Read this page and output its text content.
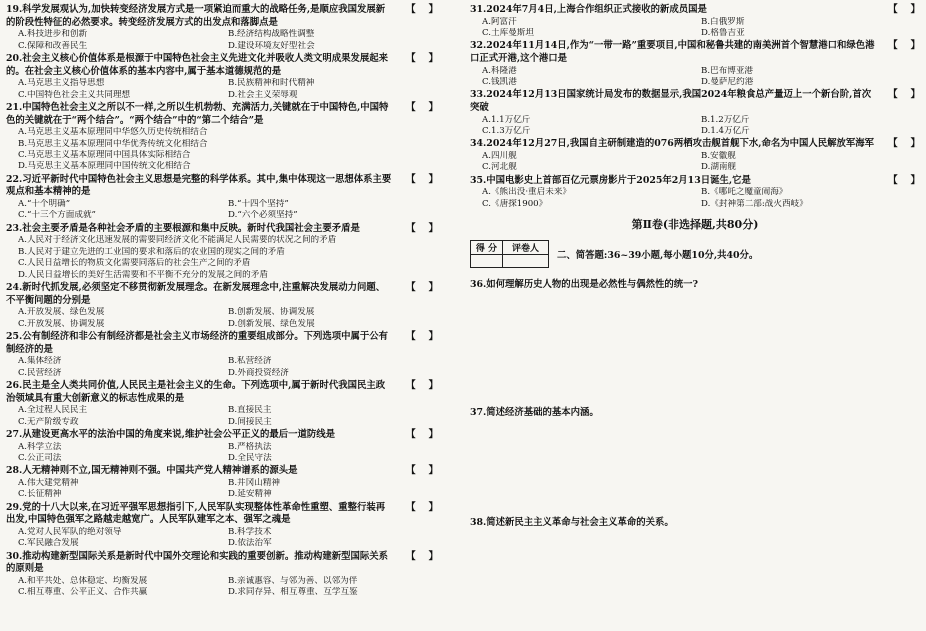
19.科学发展观认为,加快转变经济发展方式是一项紧迫而重大的战略任务,是顺应我国发展新的阶段性特征的必然要求。转变经济发展方式的出发点和落脚点是
【    】
A.科技进步和创新	B.经济结构战略性调整
C.保障和改善民生	D.建设环境友好型社会
20.社会主义核心价值体系是根源于中国特色社会主义先进文化并吸收人类文明成果发展起来的。在社会主义核心价值体系的基本内容中,属于基本道德规范的是
【    】
A.马克思主义指导思想	B.民族精神和时代精神
C.中国特色社会主义共同理想	D.社会主义荣辱观
21.中国特色社会主义之所以不一样,之所以生机勃勃、充满活力,关键就在于中国特色,中国特色的关键就在于“两个结合”。“两个结合”中的“第二个结合”是
【    】
A.马克思主义基本原理同中华悠久历史传统相结合
B.马克思主义基本原理同中华优秀传统文化相结合
C.马克思主义基本原理同中国具体实际相结合
D.马克思主义基本原理同中国传统文化相结合
22.习近平新时代中国特色社会主义思想是完整的科学体系。其中,集中体现这一思想体系主要观点和基本精神的是
【    】
A.“十个明确”	B.“十四个坚持”
C.“十三个方面成就”	D.“六个必须坚持”
23.社会主要矛盾是各种社会矛盾的主要根源和集中反映。新时代我国社会主要矛盾是	【    】
A.人民对于经济文化迅速发展的需要同经济文化不能满足人民需要的状况之间的矛盾
B.人民对于建立先进的工业国的要求和落后的农业国的现实之间的矛盾
C.人民日益增长的物质文化需要同落后的社会生产之间的矛盾
D.人民日益增长的美好生活需要和不平衡不充分的发展之间的矛盾
24.新时代抓发展,必须坚定不移贯彻新发展理念。在新发展理念中,注重解决发展动力问题、不平衡问题的分别是
【    】
A.开放发展、绿色发展	B.创新发展、协调发展
C.开放发展、协调发展	D.创新发展、绿色发展
25.公有制经济和非公有制经济都是社会主义市场经济的重要组成部分。下列选项中属于公有制经济的是
【    】
A.集体经济	B.私营经济
C.民营经济	D.外商投资经济
26.民主是全人类共同价值,人民民主是社会主义的生命。下列选项中,属于新时代我国民主政治领域具有重大创新意义的标志性成果的是
【    】
A.全过程人民民主	B.直接民主
C.无产阶级专政	D.间接民主
27.从建设更高水平的法治中国的角度来说,维护社会公平正义的最后一道防线是	【    】
A.科学立法	B.严格执法
C.公正司法	D.全民守法
28.人无精神则不立,国无精神则不强。中国共产党人精神谱系的源头是	【    】
A.伟大建党精神	B.井冈山精神
C.长征精神	D.延安精神
29.党的十八大以来,在习近平强军思想指引下,人民军队实现整体性革命性重塑、重整行装再出发,中国特色强军之路越走越宽广。人民军队建军之本、强军之魂是
【    】
A.党对人民军队的绝对领导	B.科学技术
C.军民融合发展	D.依法治军
30.推动构建新型国际关系是新时代中国外交理论和实践的重要创新。推动构建新型国际关系的原则是
【    】
A.和平共处、总体稳定、均衡发展	B.亲诚惠容、与邻为善、以邻为伴
C.相互尊重、公平正义、合作共赢	D.求同存异、相互尊重、互学互鉴
31.2024年7月4日,上海合作组织正式接收的新成员国是	【    】
A.阿富汗	B.白俄罗斯
C.土库曼斯坦	D.格鲁吉亚
32.2024年11月14日,作为“一带一路”重要项目,中国和秘鲁共建的南美洲首个智慧港口和绿色港口正式开港,这个港口是
【    】
A.科隆港	B.巴布博亚港
C.钱凯港	D.曼萨尼约港
33.2024年12月13日国家统计局发布的数据显示,我国2024年粮食总产量迈上一个新台阶,首次突破
【    】
A.1.1万亿斤	B.1.2万亿斤
C.1.3万亿斤	D.1.4万亿斤
34.2024年12月27日,我国自主研制建造的076两栖攻击舰首舰下水,命名为中国人民解放军海军	【    】
A.四川舰	B.安徽舰
C.河北舰	D.湖南舰
35.中国电影史上首部百亿元票房影片于2025年2月13日诞生,它是	【    】
A.《熊出没·重启未来》	B.《哪吒之魔童闹海》
C.《唐探1900》	D.《封神第二部:战火西岐》
第Ⅱ卷(非选择题,共80分)
得 分	评卷人

二、简答题:36~39小题,每小题10分,共40分。
36.如何理解历史人物的出现是必然性与偶然性的统一?
37.简述经济基础的基本内涵。
38.简述新民主主义革命与社会主义革命的关系。
